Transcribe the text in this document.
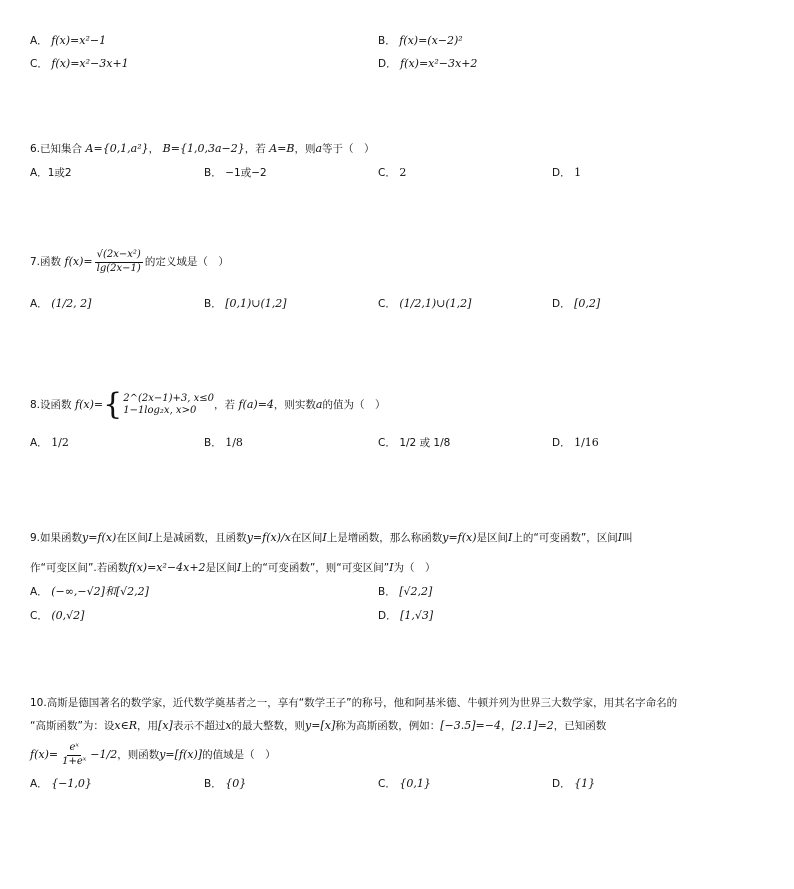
A． f(x)=x²−1	B． f(x)=(x−2)²
C． f(x)=x²−3x+1	D． f(x)=x²−3x+2
6.已知集合 A={0,1,a²}， B={1,0,3a−2}，若 A=B，则a等于（　）
A．1或2	B． −1或−2	C． 2	D． 1
7.函数 $f(x)= \frac{\text{√(2x−x²)}}{\lg(2x-1)}$ 的定义域是（　）
A． (1/2, 2]	B． [0,1)∪(1,2]	C． (1/2,1)∪(1,2]	D． [0,2]
8.设函数 f(x)={ 2^(2x−1)+3, x≤0
1−1log₂x, x>0	，若 f(a)=4，则实数a的值为（　）
A． 1/2	B． 1/8	C． 1/2 或 1/8	D． 1/16
9.如果函数y=f(x)在区间I上是减函数，且函数y=f(x)/x在区间I上是增函数，那么称函数y=f(x)是区间I上的“可变函数”，区间I叫
作“可变区间”.若函数f(x)=x²−4x+2是区间I上的“可变函数”，则“可变区间”I为（　）
A． (−∞,−√2]和[√2,2]	B． [√2,2]
C． (0,√2]	D． [1,√3]
10.高斯是德国著名的数学家，近代数学奠基者之一，享有“数学王子”的称号，他和阿基米德、牛顿并列为世界三大数学家，用其名字命名的
“高斯函数”为：设x∈R，用[x]表示不超过x的最大整数，则y=[x]称为高斯函数，例如：[−3.5]=−4，[2.1]=2，已知函数
$f(x)= \frac{\text{eˣ}}{\text{1+eˣ}} -1/2$，则函数y=[f(x)]的值域是（　）
A． {−1,0}	B． {0}	C． {0,1}	D． {1}
